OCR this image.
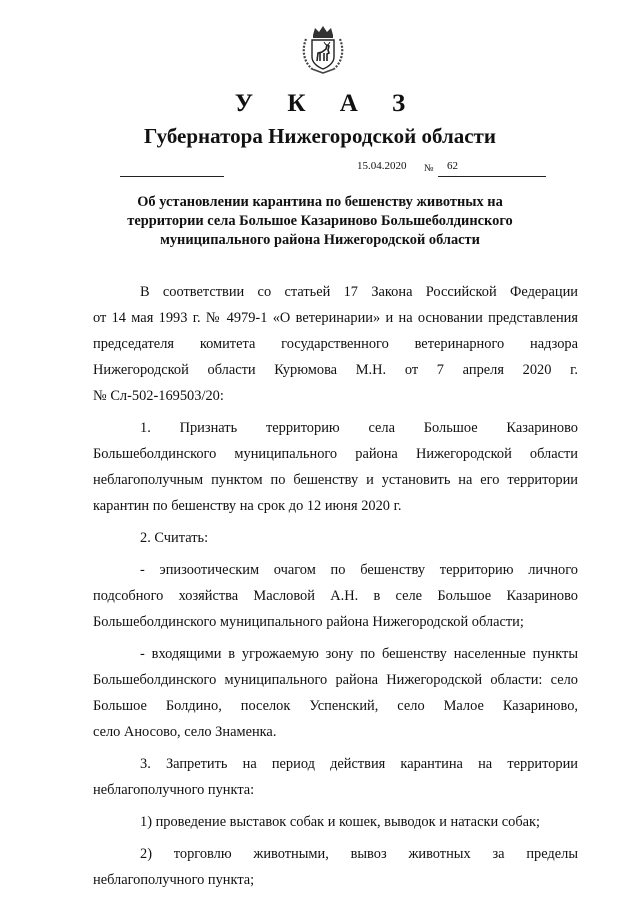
У К А З
Губернатора Нижегородской области
15.04.2020 № 62
Об установлении карантина по бешенству животных на
территории села Большое Казариново Большеболдинского
муниципального района Нижегородской области
В соответствии со статьей 17 Закона Российской Федерации
от 14 мая 1993 г. № 4979-1 «О ветеринарии» и на основании представления
председателя комитета государственного ветеринарного надзора
Нижегородской области Курюмова М.Н. от 7 апреля 2020 г.
№ Сл-502-169503/20:
1. Признать территорию села Большое Казариново
Большеболдинского муниципального района Нижегородской области
неблагополучным пунктом по бешенству и установить на его территории
карантин по бешенству на срок до 12 июня 2020 г.
2. Считать:
- эпизоотическим очагом по бешенству территорию личного
подсобного хозяйства Масловой А.Н. в селе Большое Казариново
Большеболдинского муниципального района Нижегородской области;
- входящими в угрожаемую зону по бешенству населенные пункты
Большеболдинского муниципального района Нижегородской области: село
Большое Болдино, поселок Успенский, село Малое Казариново,
село Аносово, село Знаменка.
3. Запретить на период действия карантина на территории
неблагополучного пункта:
1) проведение выставок собак и кошек, выводок и натаски собак;
2) торговлю животными, вывоз животных за пределы
неблагополучного пункта;
